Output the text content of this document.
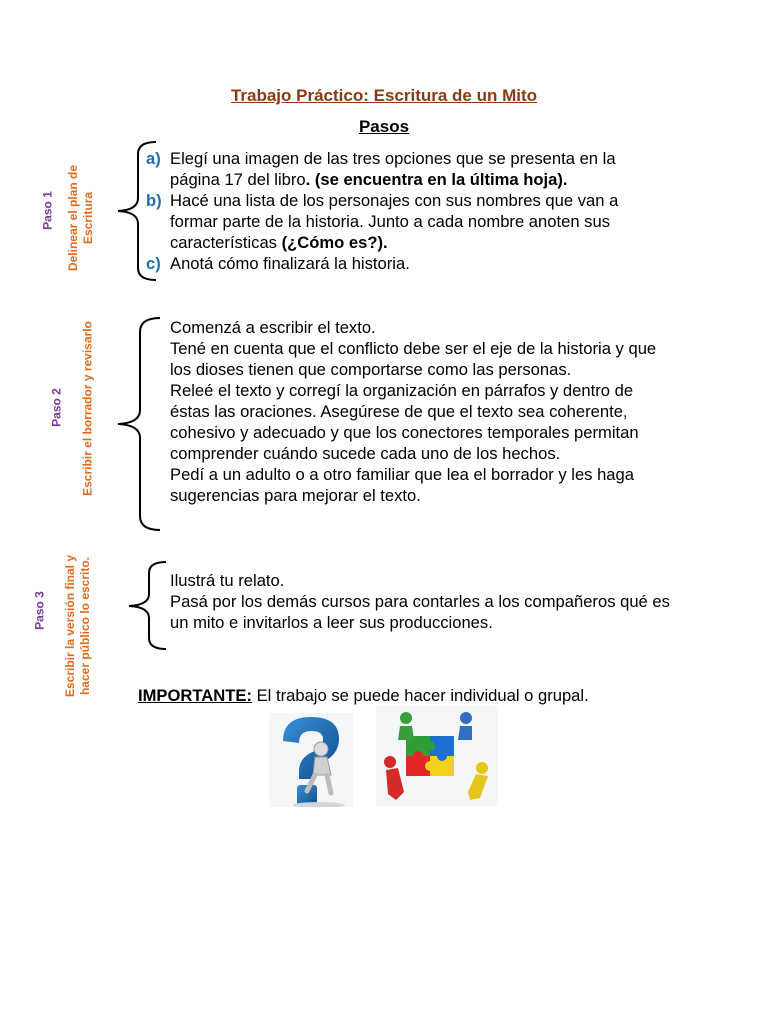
Trabajo Práctico: Escritura de un Mito
Pasos
Paso 1 Delinear el plan de Escritura
a) Elegí una imagen de las tres opciones que se presenta en la página 17 del libro. (se encuentra en la última hoja).
b) Hacé una lista de los personajes con sus nombres que van a formar parte de la historia. Junto a cada nombre anoten sus características (¿Cómo es?).
c) Anotá cómo finalizará la historia.
Paso 2 Escribir el borrador y revisarlo	Comenzá a escribir el texto.
Tené en cuenta que el conflicto debe ser el eje de la historia y que los dioses tienen que comportarse como las personas.
Releé el texto y corregí la organización en párrafos y dentro de éstas las oraciones. Asegúrese de que el texto sea coherente, cohesivo y adecuado y que los conectores temporales permitan comprender cuándo sucede cada uno de los hechos.
Pedí a un adulto o a otro familiar que lea el borrador y les haga sugerencias para mejorar el texto.
Paso 3 Escribir la versión final y hacer público lo escrito.	Ilustrá tu relato.
Pasá por los demás cursos para contarles a los compañeros qué es un mito e invitarlos a leer sus producciones.
IMPORTANTE: El trabajo se puede hacer individual o grupal.
